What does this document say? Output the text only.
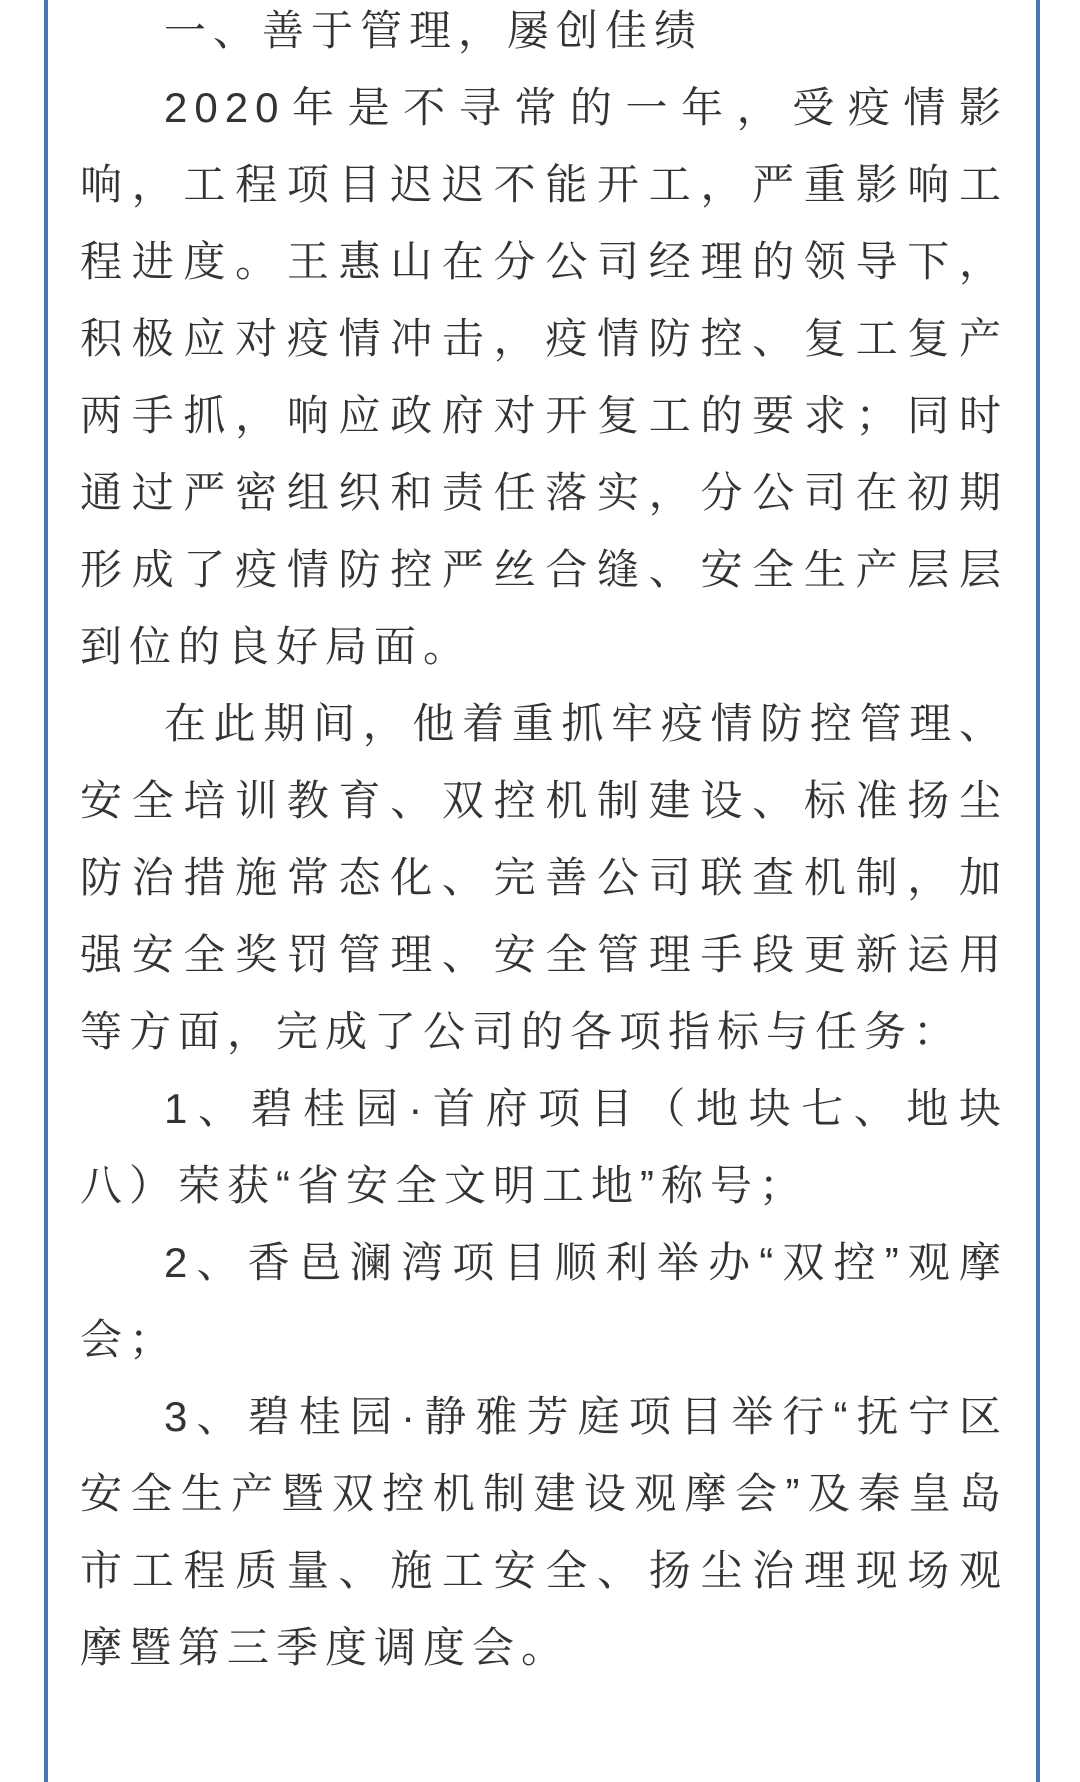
一、善于管理，屡创佳绩

2020年是不寻常的一年，受疫情影响，工程项目迟迟不能开工，严重影响工程进度。王惠山在分公司经理的领导下，积极应对疫情冲击，疫情防控、复工复产两手抓，响应政府对开复工的要求；同时通过严密组织和责任落实，分公司在初期形成了疫情防控严丝合缝、安全生产层层到位的良好局面。

在此期间，他着重抓牢疫情防控管理、安全培训教育、双控机制建设、标准扬尘防治措施常态化、完善公司联查机制，加强安全奖罚管理、安全管理手段更新运用等方面，完成了公司的各项指标与任务：

1、碧桂园·首府项目（地块七、地块八）荣获“省安全文明工地”称号；

2、香邑澜湾项目顺利举办“双控”观摩会；

3、碧桂园·静雅芳庭项目举行“抚宁区安全生产暨双控机制建设观摩会”及秦皇岛市工程质量、施工安全、扬尘治理现场观摩暨第三季度调度会。
